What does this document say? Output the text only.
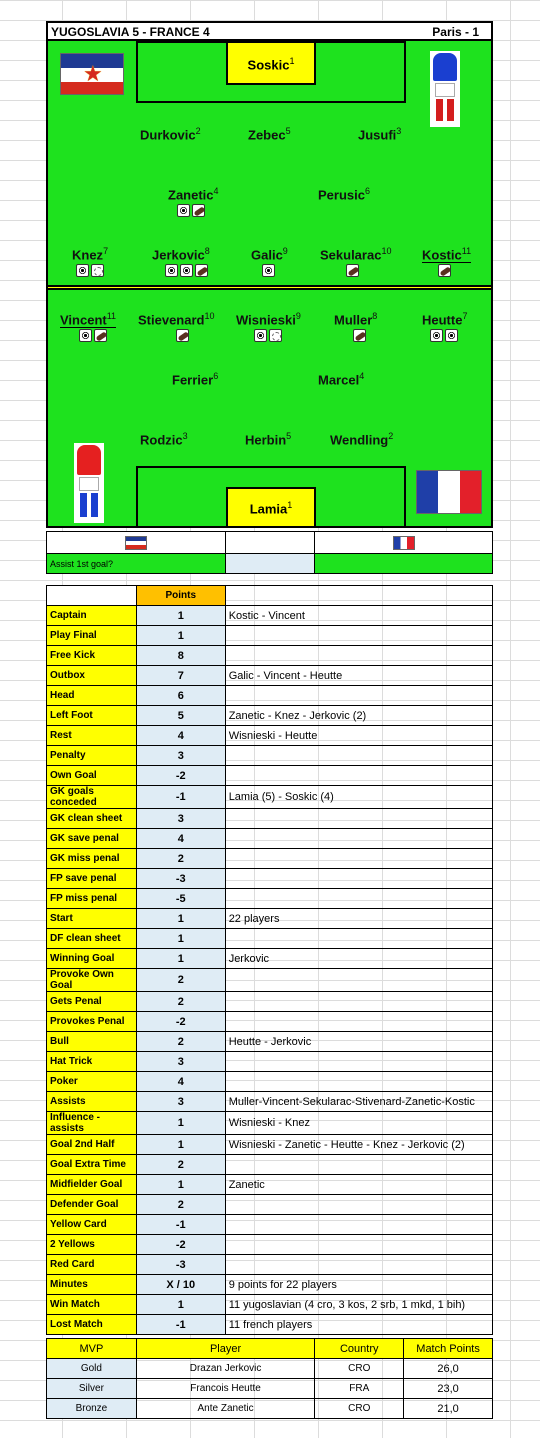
YUGOSLAVIA 5 - FRANCE 4	Paris - 1
Soskic$^1$
★
Durkovic$^2$	Zebec$^5$	Jusufi$^3$
Zanetic$^4$	Perusic$^6$
Knez$^7$	Jerkovic$^8$	Galic$^9$ Sekularac$^{10}$ Kostic$^{11}$
Vincent$^{11}$ Stievenard$^{10}$ Wisnieski$^9$	Muller$^8$	Heutte$^7$
Ferrier$^6$	Marcel$^4$
Rodzic$^3$	Herbin$^5$	Wendling$^2$
Lamia$^1$

Assist 1st goal?		
	Points	
Captain	1	Kostic - Vincent
Play Final	1	
Free Kick	8	
Outbox	7	Galic - Vincent - Heutte
Head	6	
Left Foot	5	Zanetic - Knez - Jerkovic (2)
Rest	4	Wisnieski - Heutte
Penalty	3	
Own Goal	-2	
GK goals conceded	-1	Lamia (5) - Soskic (4)
GK clean sheet	3	
GK save penal	4	
GK miss penal	2	
FP save penal	-3	
FP miss penal	-5	
Start	1	22 players
DF clean sheet	1	
Winning Goal	1	Jerkovic
Provoke Own Goal	2	
Gets Penal	2	
Provokes Penal	-2	
Bull	2	Heutte - Jerkovic
Hat Trick	3	
Poker	4	
Assists	3	Muller-Vincent-Sekularac-Stivenard-Zanetic-Kostic
Influence - assists	1	Wisnieski - Knez
Goal 2nd Half	1	Wisnieski - Zanetic - Heutte - Knez - Jerkovic (2)
Goal Extra Time	2	
Midfielder Goal	1	Zanetic
Defender Goal	2	
Yellow Card	-1	
2 Yellows	-2	
Red Card	-3	
Minutes	X / 10	9 points for 22 players
Win Match	1	11 yugoslavian (4 cro, 3 kos, 2 srb, 1 mkd, 1 bih)
Lost Match	-1	11 french players
MVP	Player	Country	Match Points
Gold	Drazan Jerkovic	CRO	26,0
Silver	Francois Heutte	FRA	23,0
Bronze	Ante Zanetic	CRO	21,0
